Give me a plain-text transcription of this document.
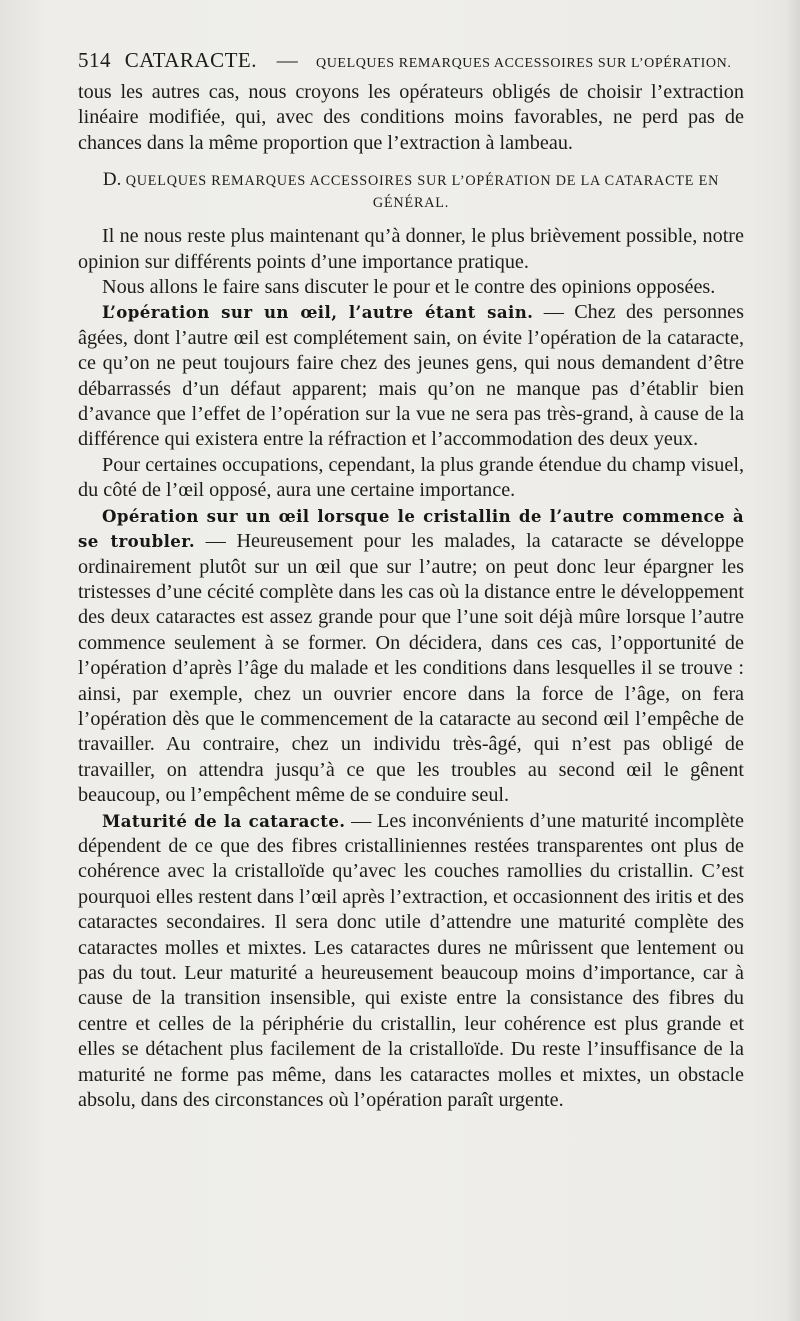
514 CATARACTE. — QUELQUES REMARQUES ACCESSOIRES SUR L’OPÉRATION.

tous les autres cas, nous croyons les opérateurs obligés de choisir l’extraction linéaire modifiée, qui, avec des conditions moins favorables, ne perd pas de chances dans la même proportion que l’extraction à lambeau.

D. QUELQUES REMARQUES ACCESSOIRES SUR L’OPÉRATION DE LA CATARACTE EN GÉNÉRAL.

Il ne nous reste plus maintenant qu’à donner, le plus brièvement possible, notre opinion sur différents points d’une importance pratique.

Nous allons le faire sans discuter le pour et le contre des opinions opposées.

L’opération sur un œil, l’autre étant sain. — Chez des personnes âgées, dont l’autre œil est complétement sain, on évite l’opération de la cataracte, ce qu’on ne peut toujours faire chez des jeunes gens, qui nous demandent d’être débarrassés d’un défaut apparent; mais qu’on ne manque pas d’établir bien d’avance que l’effet de l’opération sur la vue ne sera pas très-grand, à cause de la différence qui existera entre la réfraction et l’accommodation des deux yeux.

Pour certaines occupations, cependant, la plus grande étendue du champ visuel, du côté de l’œil opposé, aura une certaine importance.

Opération sur un œil lorsque le cristallin de l’autre commence à se troubler. — Heureusement pour les malades, la cataracte se développe ordinairement plutôt sur un œil que sur l’autre; on peut donc leur épargner les tristesses d’une cécité complète dans les cas où la distance entre le développement des deux cataractes est assez grande pour que l’une soit déjà mûre lorsque l’autre commence seulement à se former. On décidera, dans ces cas, l’opportunité de l’opération d’après l’âge du malade et les conditions dans lesquelles il se trouve : ainsi, par exemple, chez un ouvrier encore dans la force de l’âge, on fera l’opération dès que le commencement de la cataracte au second œil l’empêche de travailler. Au contraire, chez un individu très-âgé, qui n’est pas obligé de travailler, on attendra jusqu’à ce que les troubles au second œil le gênent beaucoup, ou l’empêchent même de se conduire seul.

Maturité de la cataracte. — Les inconvénients d’une maturité incomplète dépendent de ce que des fibres cristalliniennes restées transparentes ont plus de cohérence avec la cristalloïde qu’avec les couches ramollies du cristallin. C’est pourquoi elles restent dans l’œil après l’extraction, et occasionnent des iritis et des cataractes secondaires. Il sera donc utile d’attendre une maturité complète des cataractes molles et mixtes. Les cataractes dures ne mûrissent que lentement ou pas du tout. Leur maturité a heureusement beaucoup moins d’importance, car à cause de la transition insensible, qui existe entre la consistance des fibres du centre et celles de la périphérie du cristallin, leur cohérence est plus grande et elles se détachent plus facilement de la cristalloïde. Du reste l’insuffisance de la maturité ne forme pas même, dans les cataractes molles et mixtes, un obstacle absolu, dans des circonstances où l’opération paraît urgente.
